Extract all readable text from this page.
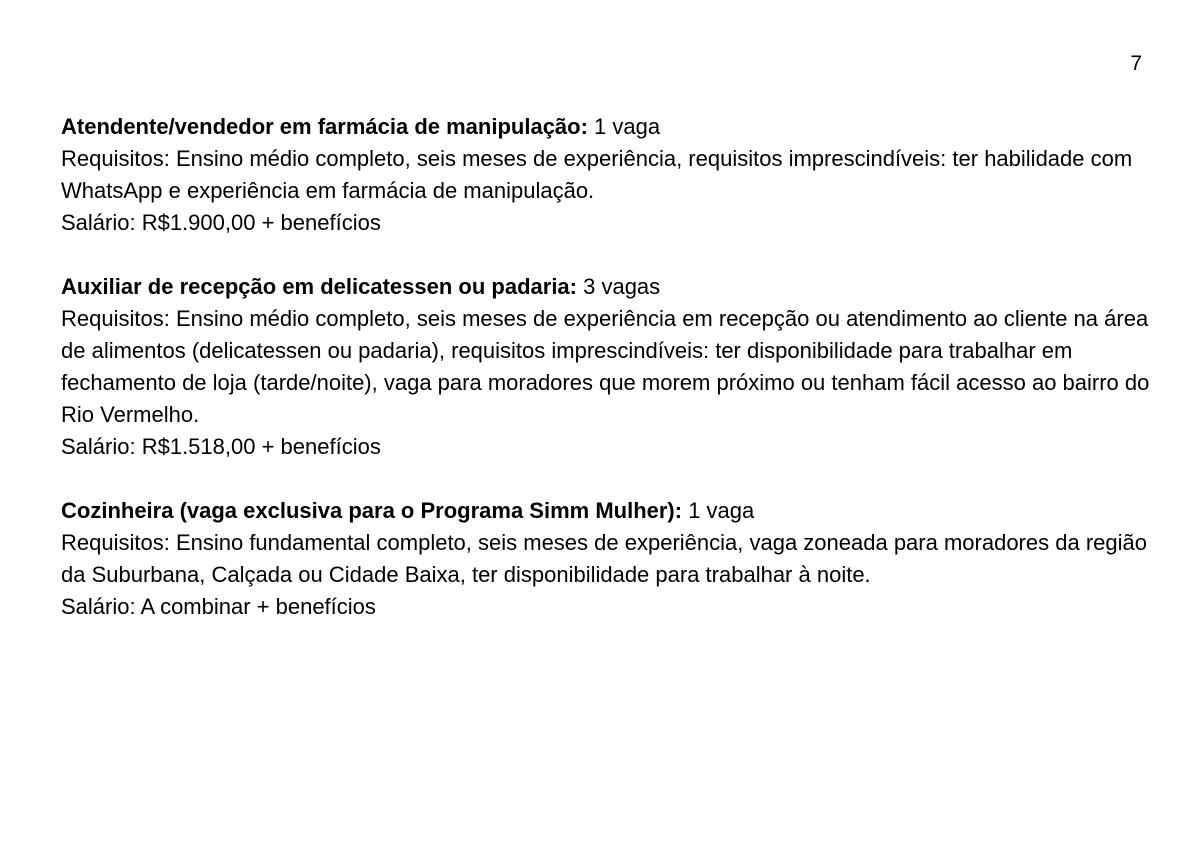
7

Atendente/vendedor em farmácia de manipulação: 1 vaga

Requisitos: Ensino médio completo, seis meses de experiência, requisitos imprescindíveis: ter habilidade com WhatsApp e experiência em farmácia de manipulação.

Salário: R$1.900,00 + benefícios

Auxiliar de recepção em delicatessen ou padaria: 3 vagas

Requisitos: Ensino médio completo, seis meses de experiência em recepção ou atendimento ao cliente na área de alimentos (delicatessen ou padaria), requisitos imprescindíveis: ter disponibilidade para trabalhar em fechamento de loja (tarde/noite), vaga para moradores que morem próximo ou tenham fácil acesso ao bairro do Rio Vermelho.

Salário: R$1.518,00 + benefícios

Cozinheira (vaga exclusiva para o Programa Simm Mulher): 1 vaga

Requisitos: Ensino fundamental completo, seis meses de experiência, vaga zoneada para moradores da região da Suburbana, Calçada ou Cidade Baixa, ter disponibilidade para trabalhar à noite.

Salário: A combinar + benefícios
